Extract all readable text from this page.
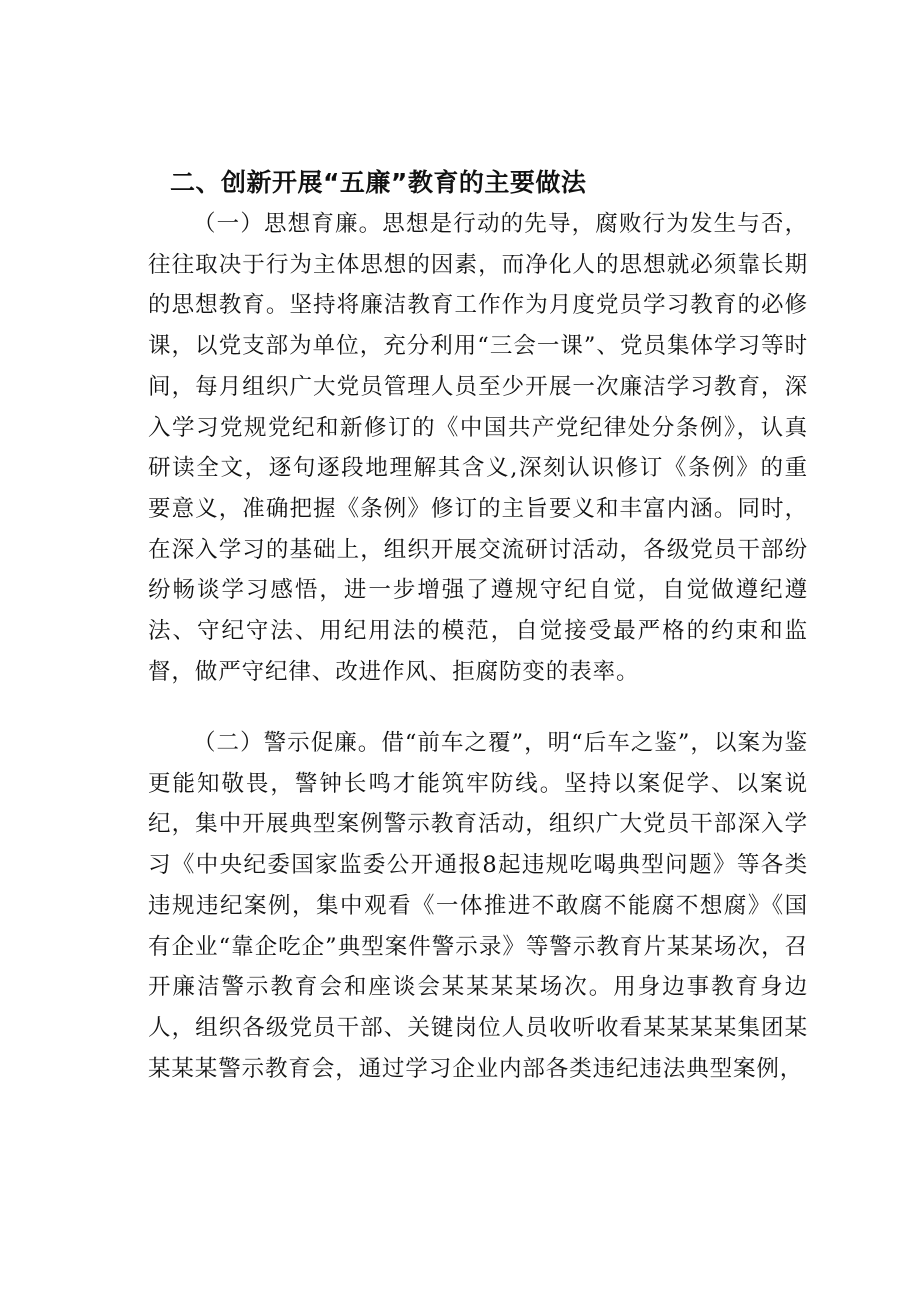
二、创新开展“五廉”教育的主要做法

（一）思想育廉。思想是行动的先导，腐败行为发生与否，往往取决于行为主体思想的因素，而净化人的思想就必须靠长期的思想教育。坚持将廉洁教育工作作为月度党员学习教育的必修课，以党支部为单位，充分利用“三会一课”、党员集体学习等时间，每月组织广大党员管理人员至少开展一次廉洁学习教育，深入学习党规党纪和新修订的《中国共产党纪律处分条例》，认真研读全文，逐句逐段地理解其含义,深刻认识修订《条例》的重要意义，准确把握《条例》修订的主旨要义和丰富内涵。同时，在深入学习的基础上，组织开展交流研讨活动，各级党员干部纷纷畅谈学习感悟，进一步增强了遵规守纪自觉，自觉做遵纪遵法、守纪守法、用纪用法的模范，自觉接受最严格的约束和监督，做严守纪律、改进作风、拒腐防变的表率。

（二）警示促廉。借“前车之覆”，明“后车之鉴”，以案为鉴更能知敬畏，警钟长鸣才能筑牢防线。坚持以案促学、以案说纪，集中开展典型案例警示教育活动，组织广大党员干部深入学习《中央纪委国家监委公开通报8起违规吃喝典型问题》等各类违规违纪案例，集中观看《一体推进不敢腐不能腐不想腐》《国有企业“靠企吃企”典型案件警示录》等警示教育片某某场次，召开廉洁警示教育会和座谈会某某某某场次。用身边事教育身边人，组织各级党员干部、关键岗位人员收听收看某某某某集团某某某某警示教育会，通过学习企业内部各类违纪违法典型案例，
